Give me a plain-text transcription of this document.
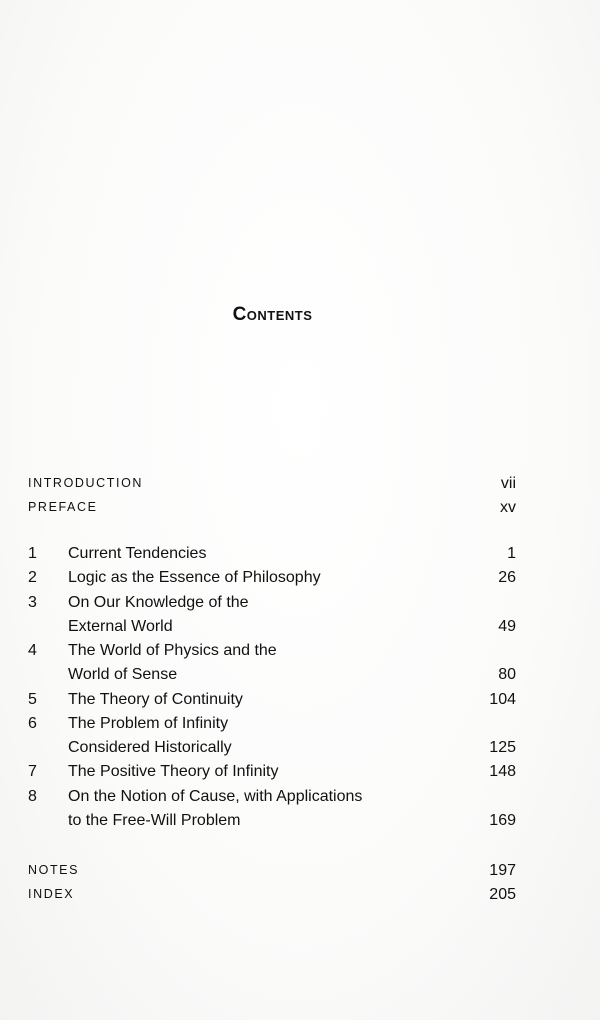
Contents
INTRODUCTION	vii
PREFACE	xv
1 Current Tendencies	1
2 Logic as the Essence of Philosophy	26
3 On Our Knowledge of the
External World	49
4 The World of Physics and the
World of Sense	80
5 The Theory of Continuity	104
6 The Problem of Infinity
Considered Historically	125
7 The Positive Theory of Infinity	148
8 On the Notion of Cause, with Applications
to the Free-Will Problem	169
NOTES	197
INDEX	205
